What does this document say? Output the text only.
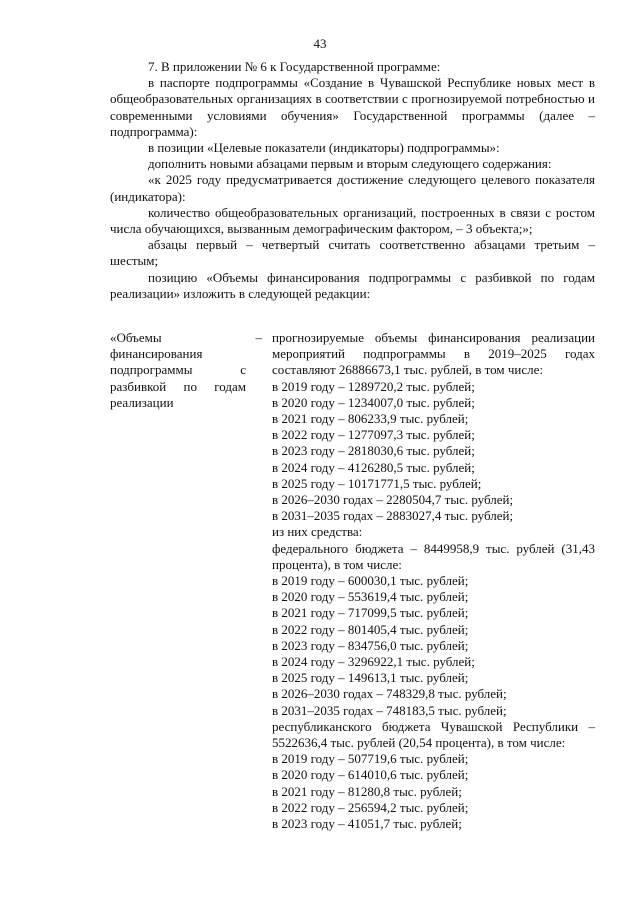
43

7. В приложении № 6 к Государственной программе:

в паспорте подпрограммы «Создание в Чувашской Республике новых мест в общеобразовательных организациях в соответствии с прогнозируемой потребностью и современными условиями обучения» Государственной программы (далее – подпрограмма):

в позиции «Целевые показатели (индикаторы) подпрограммы»:

дополнить новыми абзацами первым и вторым следующего содержания:

«к 2025 году предусматривается достижение следующего целевого показателя (индикатора):

количество общеобразовательных организаций, построенных в связи с ростом числа обучающихся, вызванным демографическим фактором, – 3 объекта;»;

абзацы первый – четвертый считать соответственно абзацами третьим – шестым;

позицию «Объемы финансирования подпрограммы с разбивкой по годам реализации» изложить в следующей редакции:

«Объемы финансирования подпрограммы с разбивкой по годам реализации
– прогнозируемые объемы финансирования реализации мероприятий подпрограммы в 2019–2025 годах составляют 26886673,1 тыс. рублей, в том числе:
в 2019 году – 1289720,2 тыс. рублей;
в 2020 году – 1234007,0 тыс. рублей;
в 2021 году – 806233,9 тыс. рублей;
в 2022 году – 1277097,3 тыс. рублей;
в 2023 году – 2818030,6 тыс. рублей;
в 2024 году – 4126280,5 тыс. рублей;
в 2025 году – 10171771,5 тыс. рублей;
в 2026–2030 годах – 2280504,7 тыс. рублей;
в 2031–2035 годах – 2883027,4 тыс. рублей;
из них средства:
федерального бюджета – 8449958,9 тыс. рублей (31,43 процента), в том числе:
в 2019 году – 600030,1 тыс. рублей;
в 2020 году – 553619,4 тыс. рублей;
в 2021 году – 717099,5 тыс. рублей;
в 2022 году – 801405,4 тыс. рублей;
в 2023 году – 834756,0 тыс. рублей;
в 2024 году – 3296922,1 тыс. рублей;
в 2025 году – 149613,1 тыс. рублей;
в 2026–2030 годах – 748329,8 тыс. рублей;
в 2031–2035 годах – 748183,5 тыс. рублей;
республиканского бюджета Чувашской Республики – 5522636,4 тыс. рублей (20,54 процента), в том числе:
в 2019 году – 507719,6 тыс. рублей;
в 2020 году – 614010,6 тыс. рублей;
в 2021 году – 81280,8 тыс. рублей;
в 2022 году – 256594,2 тыс. рублей;
в 2023 году – 41051,7 тыс. рублей;
